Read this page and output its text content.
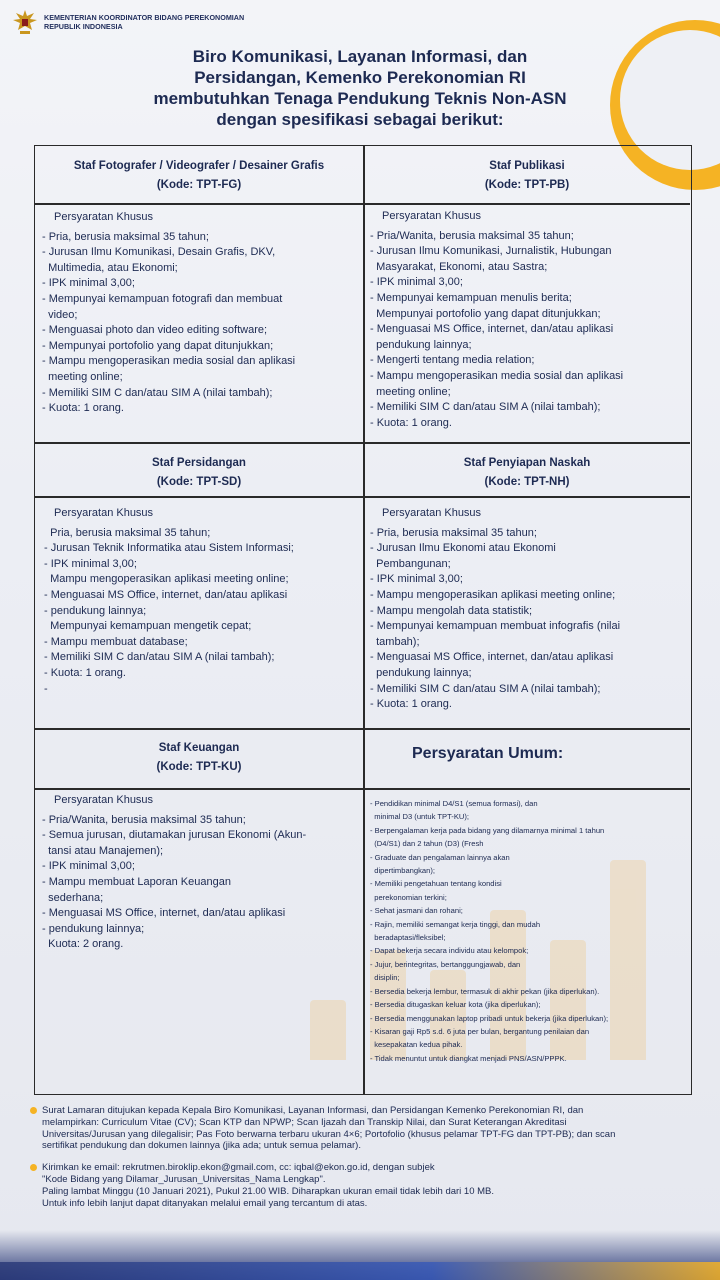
KEMENTERIAN KOORDINATOR BIDANG PEREKONOMIAN
REPUBLIK INDONESIA
Biro Komunikasi, Layanan Informasi, dan
Persidangan, Kemenko Perekonomian RI
membutuhkan Tenaga Pendukung Teknis Non-ASN
dengan spesifikasi sebagai berikut:
Staf Fotografer / Videografer / Desainer Grafis
(Kode: TPT-FG)
Persyaratan Khusus
- Pria, berusia maksimal 35 tahun;
- Jurusan Ilmu Komunikasi, Desain Grafis, DKV,
Multimedia, atau Ekonomi;
- IPK minimal 3,00;
- Mempunyai kemampuan fotografi dan membuat
video;
- Menguasai photo dan video editing software;
- Mempunyai portofolio yang dapat ditunjukkan;
- Mampu mengoperasikan media sosial dan aplikasi
meeting online;
- Memiliki SIM C dan/atau SIM A (nilai tambah);
- Kuota: 1 orang.
Staf Publikasi
(Kode: TPT-PB)
Persyaratan Khusus
- Pria/Wanita, berusia maksimal 35 tahun;
- Jurusan Ilmu Komunikasi, Jurnalistik, Hubungan
Masyarakat, Ekonomi, atau Sastra;
- IPK minimal 3,00;
- Mempunyai kemampuan menulis berita;
Mempunyai portofolio yang dapat ditunjukkan;
- Menguasai MS Office, internet, dan/atau aplikasi
pendukung lainnya;
- Mengerti tentang media relation;
- Mampu mengoperasikan media sosial dan aplikasi
meeting online;
- Memiliki SIM C dan/atau SIM A (nilai tambah);
- Kuota: 1 orang.
Staf Persidangan
(Kode: TPT-SD)
Persyaratan Khusus
Pria, berusia maksimal 35 tahun;
- Jurusan Teknik Informatika atau Sistem Informasi;
- IPK minimal 3,00;
Mampu mengoperasikan aplikasi meeting online;
- Menguasai MS Office, internet, dan/atau aplikasi
- pendukung lainnya;
Mempunyai kemampuan mengetik cepat;
- Mampu membuat database;
- Memiliki SIM C dan/atau SIM A (nilai tambah);
- Kuota: 1 orang.
-
Staf Penyiapan Naskah
(Kode: TPT-NH)
Persyaratan Khusus
- Pria, berusia maksimal 35 tahun;
- Jurusan Ilmu Ekonomi atau Ekonomi
Pembangunan;
- IPK minimal 3,00;
- Mampu mengoperasikan aplikasi meeting online;
- Mampu mengolah data statistik;
- Mempunyai kemampuan membuat infografis (nilai
tambah);
- Menguasai MS Office, internet, dan/atau aplikasi
pendukung lainnya;
- Memiliki SIM C dan/atau SIM A (nilai tambah);
- Kuota: 1 orang.
Staf Keuangan
(Kode: TPT-KU)
Persyaratan Khusus
- Pria/Wanita, berusia maksimal 35 tahun;
- Semua jurusan, diutamakan jurusan Ekonomi (Akun-
tansi atau Manajemen);
- IPK minimal 3,00;
- Mampu membuat Laporan Keuangan
sederhana;
- Menguasai MS Office, internet, dan/atau aplikasi
- pendukung lainnya;
Kuota: 2 orang.
Persyaratan Umum:
- Pendidikan minimal D4/S1 (semua formasi), dan
minimal D3 (untuk TPT-KU);
- Berpengalaman kerja pada bidang yang dilamarnya minimal 1 tahun
(D4/S1) dan 2 tahun (D3) (Fresh
- Graduate dan pengalaman lainnya akan
dipertimbangkan);
- Memiliki pengetahuan tentang kondisi
perekonomian terkini;
- Sehat jasmani dan rohani;
- Rajin, memiliki semangat kerja tinggi, dan mudah
beradaptasi/fleksibel;
- Dapat bekerja secara individu atau kelompok;
- Jujur, berintegritas, bertanggungjawab, dan
disiplin;
- Bersedia bekerja lembur, termasuk di akhir pekan (jika diperlukan).
- Bersedia ditugaskan keluar kota (jika diperlukan);
- Bersedia menggunakan laptop pribadi untuk bekerja (jika diperlukan);
- Kisaran gaji Rp5 s.d. 6 juta per bulan, bergantung penilaian dan
kesepakatan kedua pihak.
- Tidak menuntut untuk diangkat menjadi PNS/ASN/PPPK.
Surat Lamaran ditujukan kepada Kepala Biro Komunikasi, Layanan Informasi, dan Persidangan Kemenko Perekonomian RI, dan
melampirkan: Curriculum Vitae (CV); Scan KTP dan NPWP; Scan Ijazah dan Transkip Nilai, dan Surat Keterangan Akreditasi
Universitas/Jurusan yang dilegalisir; Pas Foto berwarna terbaru ukuran 4×6; Portofolio (khusus pelamar TPT-FG dan TPT-PB); dan scan
sertifikat pendukung dan dokumen lainnya (jika ada; untuk semua pelamar).
Kirimkan ke email: rekrutmen.biroklip.ekon@gmail.com, cc: iqbal@ekon.go.id, dengan subjek
"Kode Bidang yang Dilamar_Jurusan_Universitas_Nama Lengkap".
Paling lambat Minggu (10 Januari 2021), Pukul 21.00 WIB. Diharapkan ukuran email tidak lebih dari 10 MB.
Untuk info lebih lanjut dapat ditanyakan melalui email yang tercantum di atas.
